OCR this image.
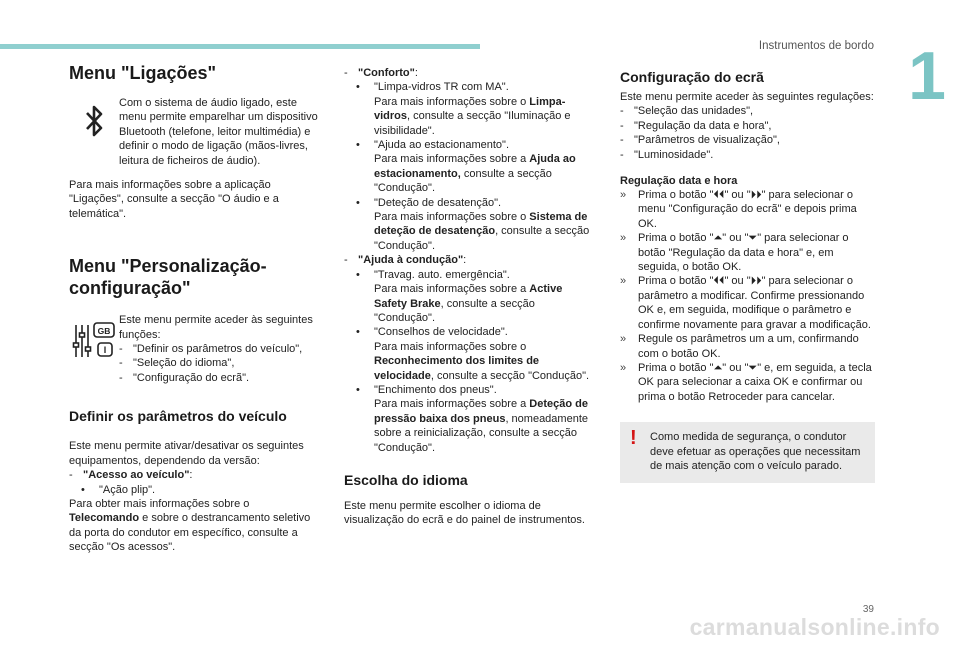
Instrumentos de bordo 1
Menu "Ligações"

Com o sistema de áudio ligado, este menu permite emparelhar um dispositivo Bluetooth (telefone, leitor multimédia) e definir o modo de ligação (mãos-livres, leitura de ficheiros de áudio).

Para mais informações sobre a aplicação "Ligações", consulte a secção "O áudio e a telemática".

Menu "Personalização-
configuração"
GB
I

Este menu permite aceder às seguintes funções:

- "Definir os parâmetros do veículo",
- "Seleção do idioma",
- "Configuração do ecrã".
Definir os parâmetros do veículo

Este menu permite ativar/desativar os seguintes equipamentos, dependendo da versão:

- "Acesso ao veículo":
• "Ação plip".

Para obter mais informações sobre o Telecomando e sobre o destrancamento seletivo da porta do condutor em específico, consulte a secção "Os acessos".

- "Conforto":
• "Limpa-vidros TR com MA".
Para mais informações sobre o Limpa-vidros, consulte a secção "Iluminação e visibilidade".
• "Ajuda ao estacionamento".
Para mais informações sobre a Ajuda ao estacionamento, consulte a secção "Condução".
• "Deteção de desatenção".
Para mais informações sobre o Sistema de deteção de desatenção, consulte a secção "Condução".
- "Ajuda à condução":
• "Travag. auto. emergência".
Para mais informações sobre a Active Safety Brake, consulte a secção "Condução".
• "Conselhos de velocidade".
Para mais informações sobre o Reconhecimento dos limites de velocidade, consulte a secção "Condução".
• "Enchimento dos pneus".
Para mais informações sobre a Deteção de pressão baixa dos pneus, nomeadamente sobre a reinicialização, consulte a secção "Condução".
Escolha do idioma

Este menu permite escolher o idioma de visualização do ecrã e do painel de instrumentos.

Configuração do ecrã

Este menu permite aceder às seguintes regulações:

- "Seleção das unidades",
- "Regulação da data e hora",
- "Parâmetros de visualização",
- "Luminosidade".
Regulação data e hora
» Prima o botão "⏴⏴" ou "⏵⏵" para selecionar o menu "Configuração do ecrã" e depois prima OK.
» Prima o botão "⏶" ou "⏷" para selecionar o botão "Regulação da data e hora" e, em seguida, o botão OK.
» Prima o botão "⏴⏴" ou "⏵⏵" para selecionar o parâmetro a modificar. Confirme pressionando OK e, em seguida, modifique o parâmetro e confirme novamente para gravar a modificação.
» Regule os parâmetros um a um, confirmando com o botão OK.
» Prima o botão "⏶" ou "⏷" e, em seguida, a tecla OK para selecionar a caixa OK e confirmar ou prima o botão Retroceder para cancelar.
! Como medida de segurança, o condutor deve efetuar as operações que necessitam de mais atenção com o veículo parado.

39
carmanualsonline.info
